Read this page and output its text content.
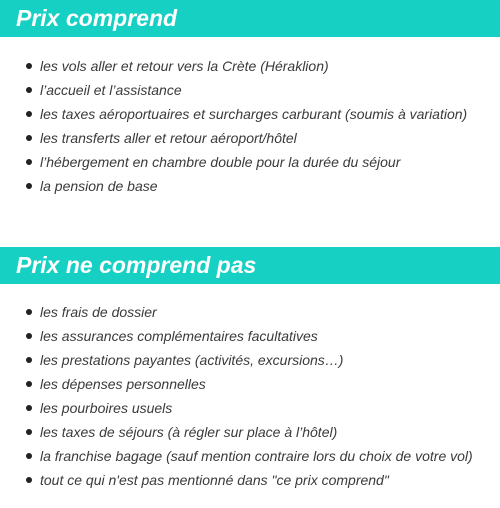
Prix comprend
les vols aller et retour vers la Crète (Héraklion)
l’accueil et l’assistance
les taxes aéroportuaires et surcharges carburant (soumis à variation)
les transferts aller et retour aéroport/hôtel
l’hébergement en chambre double pour la durée du séjour
la pension de base
Prix ne comprend pas
les frais de dossier
les assurances complémentaires facultatives
les prestations payantes (activités, excursions…)
les dépenses personnelles
les pourboires usuels
les taxes de séjours (à régler sur place à l’hôtel)
la franchise bagage (sauf mention contraire lors du choix de votre vol)
tout ce qui n'est pas mentionné dans "ce prix comprend"
